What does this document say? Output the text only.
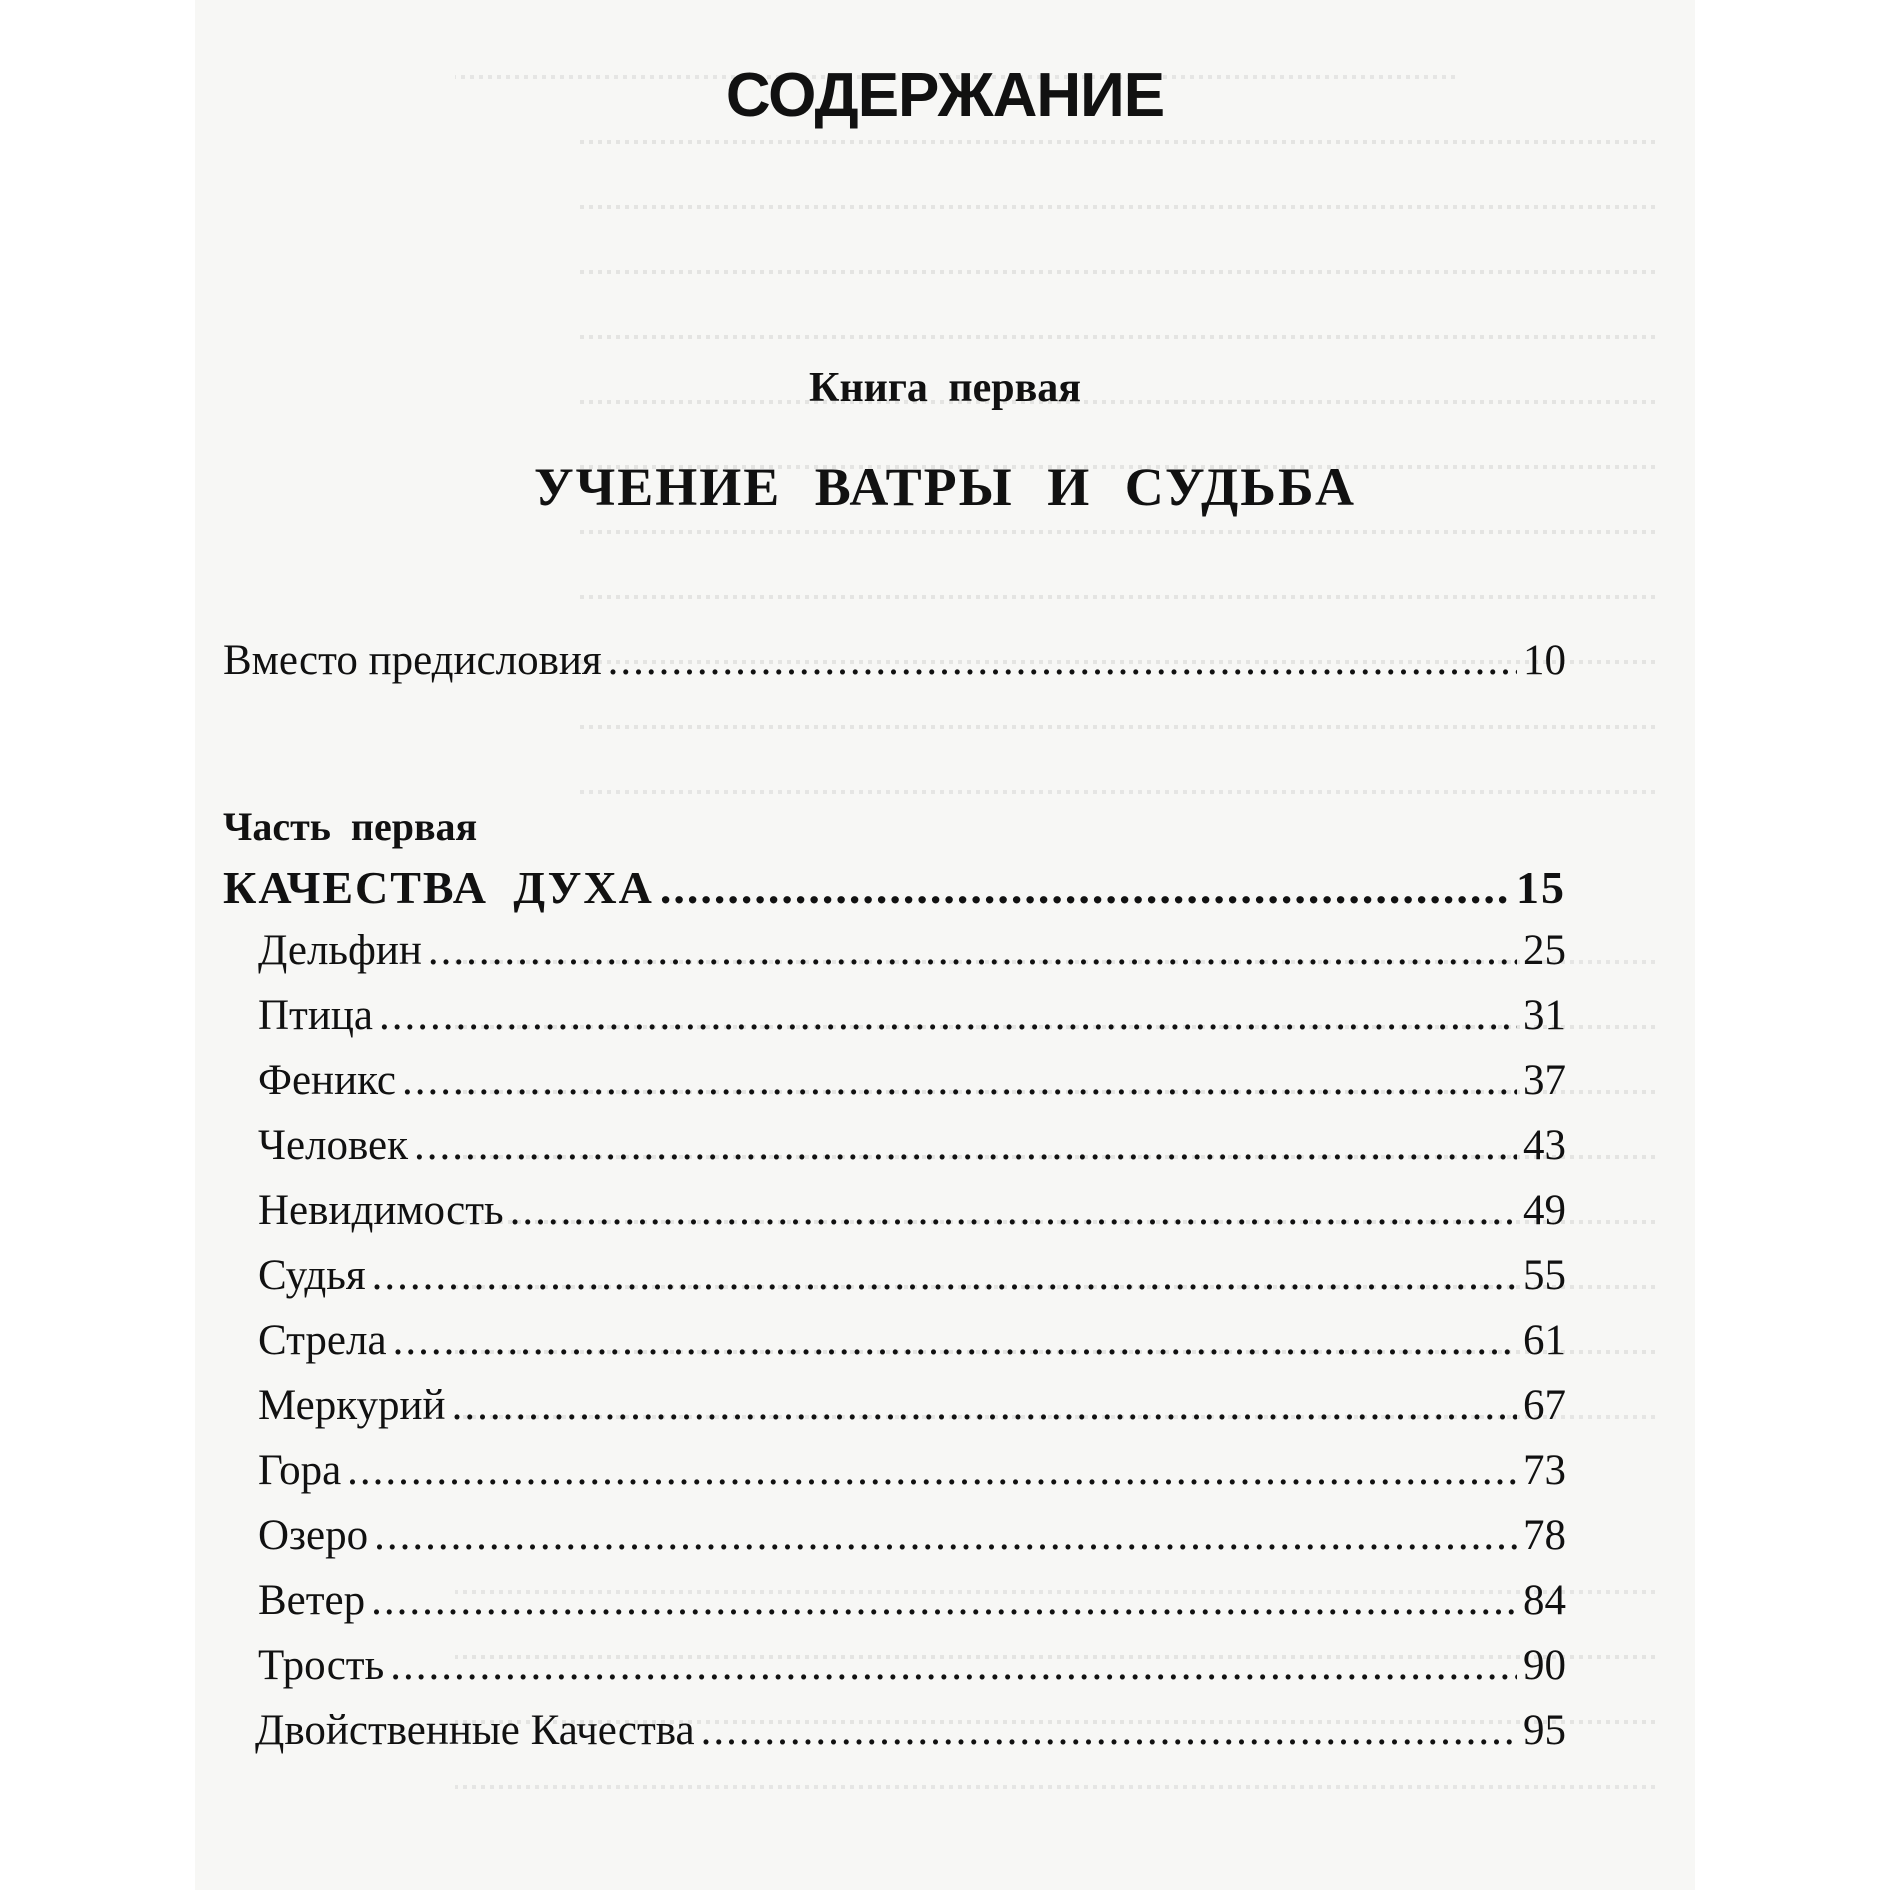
СОДЕРЖАНИЕ
Книга первая
УЧЕНИЕ ВАТРЫ И СУДЬБА
Вместо предисловия .....	10
Часть первая
КАЧЕСТВА ДУХА .....	15
Дельфин .....	25
Птица .....	31
Феникс .....	37
Человек .....	43
Невидимость .....	49
Судья .....	55
Стрела .....	61
Меркурий .....	67
Гора .....	73
Озеро .....	78
Ветер .....	84
Трость .....	90
Двойственные Качества .....	95
